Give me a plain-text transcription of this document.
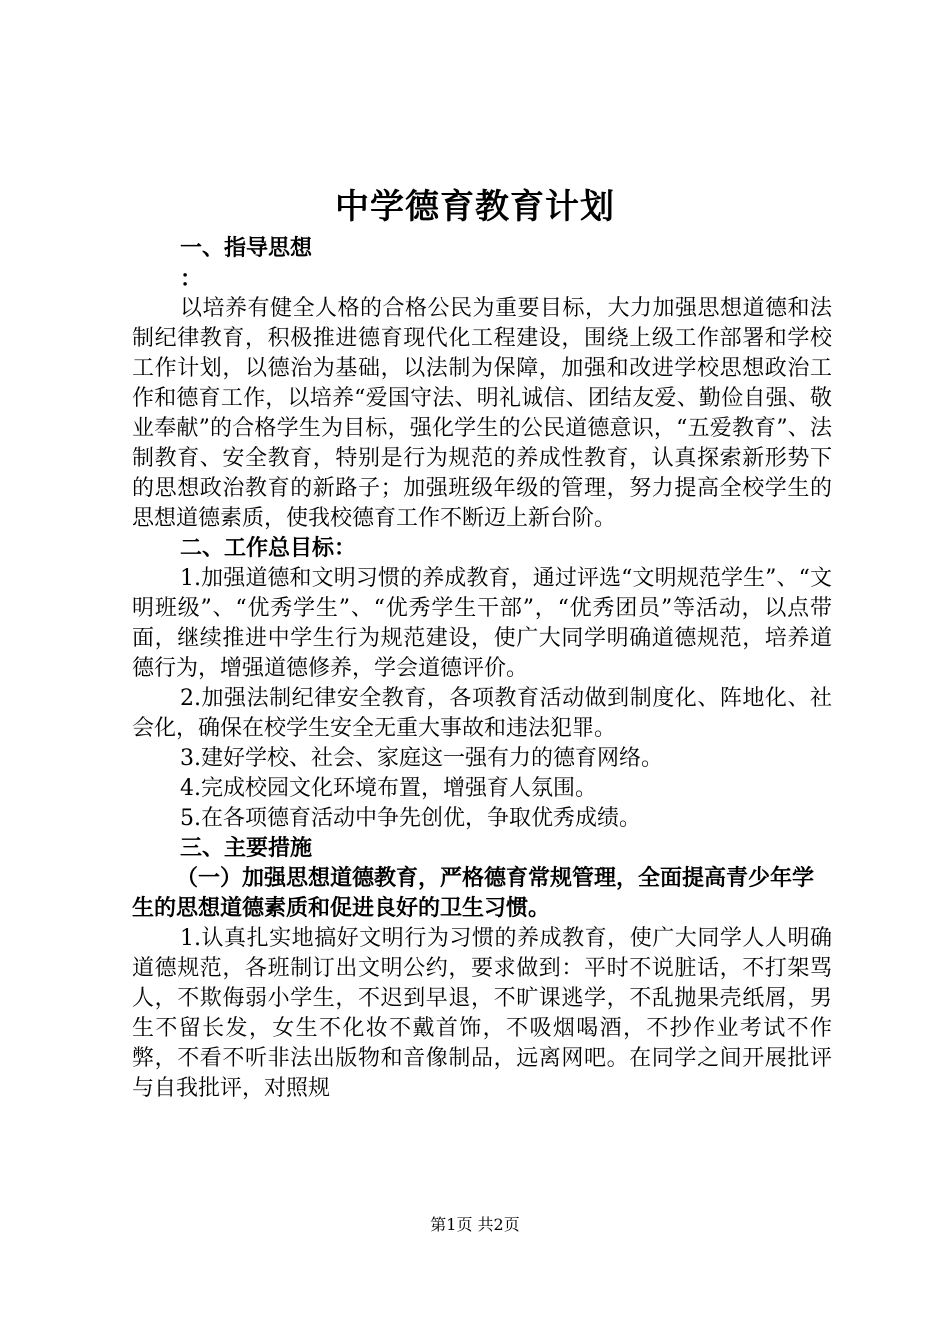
中学德育教育计划
一、指导思想
：

以培养有健全人格的合格公民为重要目标，大力加强思想道德和法制纪律教育，积极推进德育现代化工程建设，围绕上级工作部署和学校工作计划，以德治为基础，以法制为保障，加强和改进学校思想政治工作和德育工作，以培养“爱国守法、明礼诚信、团结友爱、勤俭自强、敬业奉献”的合格学生为目标，强化学生的公民道德意识，“五爱教育”、法制教育、安全教育，特别是行为规范的养成性教育，认真探索新形势下的思想政治教育的新路子；加强班级年级的管理，努力提高全校学生的思想道德素质，使我校德育工作不断迈上新台阶。

二、工作总目标：

1.加强道德和文明习惯的养成教育，通过评选“文明规范学生”、“文明班级”、“优秀学生”、“优秀学生干部”，“优秀团员”等活动，以点带面，继续推进中学生行为规范建设，使广大同学明确道德规范，培养道德行为，增强道德修养，学会道德评价。

2.加强法制纪律安全教育，各项教育活动做到制度化、阵地化、社会化，确保在校学生安全无重大事故和违法犯罪。

3.建好学校、社会、家庭这一强有力的德育网络。

4.完成校园文化环境布置，增强育人氛围。

5.在各项德育活动中争先创优，争取优秀成绩。

三、主要措施

（一）加强思想道德教育，严格德育常规管理，全面提高青少年学生的思想道德素质和促进良好的卫生习惯。

1.认真扎实地搞好文明行为习惯的养成教育，使广大同学人人明确道德规范，各班制订出文明公约，要求做到：平时不说脏话，不打架骂人，不欺侮弱小学生，不迟到早退，不旷课逃学，不乱抛果壳纸屑，男生不留长发，女生不化妆不戴首饰，不吸烟喝酒，不抄作业考试不作弊，不看不听非法出版物和音像制品，远离网吧。在同学之间开展批评与自我批评，对照规

第1页 共2页
